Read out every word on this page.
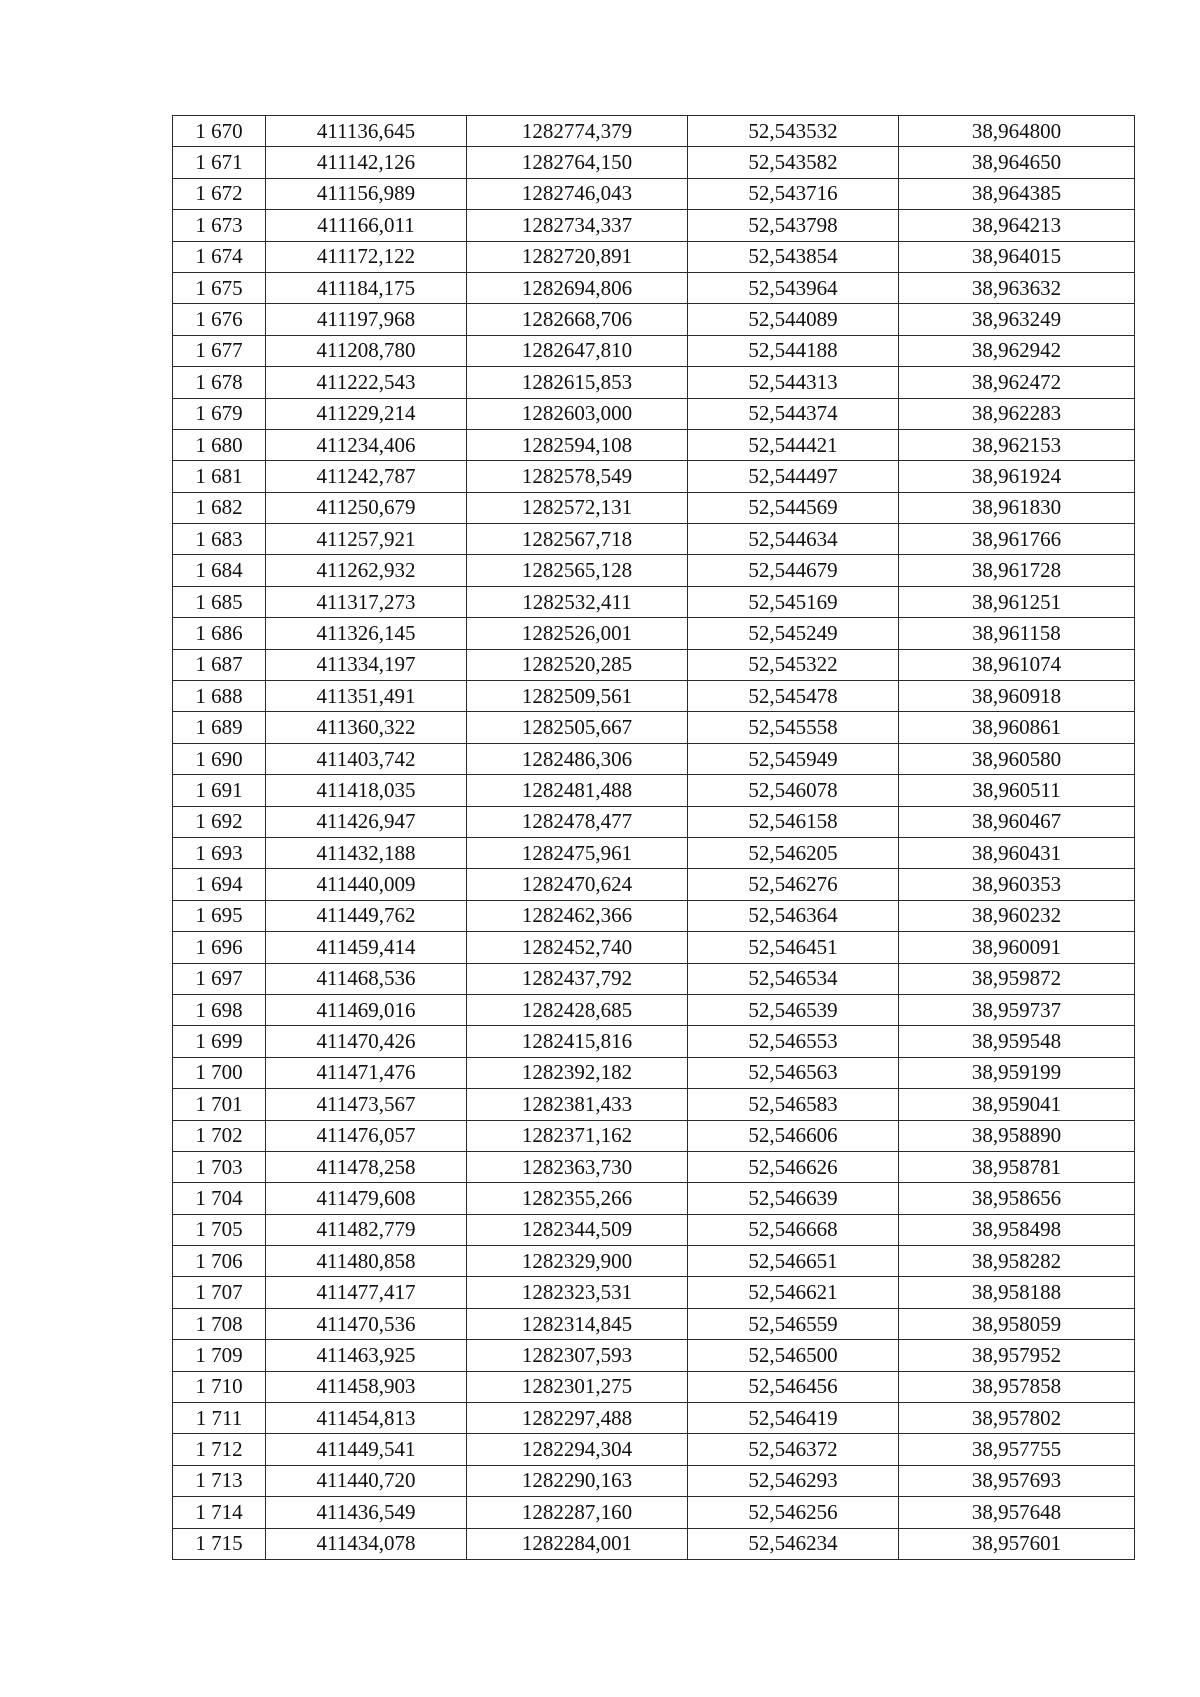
1 670	411136,645	1282774,379	52,543532	38,964800
1 671	411142,126	1282764,150	52,543582	38,964650
1 672	411156,989	1282746,043	52,543716	38,964385
1 673	411166,011	1282734,337	52,543798	38,964213
1 674	411172,122	1282720,891	52,543854	38,964015
1 675	411184,175	1282694,806	52,543964	38,963632
1 676	411197,968	1282668,706	52,544089	38,963249
1 677	411208,780	1282647,810	52,544188	38,962942
1 678	411222,543	1282615,853	52,544313	38,962472
1 679	411229,214	1282603,000	52,544374	38,962283
1 680	411234,406	1282594,108	52,544421	38,962153
1 681	411242,787	1282578,549	52,544497	38,961924
1 682	411250,679	1282572,131	52,544569	38,961830
1 683	411257,921	1282567,718	52,544634	38,961766
1 684	411262,932	1282565,128	52,544679	38,961728
1 685	411317,273	1282532,411	52,545169	38,961251
1 686	411326,145	1282526,001	52,545249	38,961158
1 687	411334,197	1282520,285	52,545322	38,961074
1 688	411351,491	1282509,561	52,545478	38,960918
1 689	411360,322	1282505,667	52,545558	38,960861
1 690	411403,742	1282486,306	52,545949	38,960580
1 691	411418,035	1282481,488	52,546078	38,960511
1 692	411426,947	1282478,477	52,546158	38,960467
1 693	411432,188	1282475,961	52,546205	38,960431
1 694	411440,009	1282470,624	52,546276	38,960353
1 695	411449,762	1282462,366	52,546364	38,960232
1 696	411459,414	1282452,740	52,546451	38,960091
1 697	411468,536	1282437,792	52,546534	38,959872
1 698	411469,016	1282428,685	52,546539	38,959737
1 699	411470,426	1282415,816	52,546553	38,959548
1 700	411471,476	1282392,182	52,546563	38,959199
1 701	411473,567	1282381,433	52,546583	38,959041
1 702	411476,057	1282371,162	52,546606	38,958890
1 703	411478,258	1282363,730	52,546626	38,958781
1 704	411479,608	1282355,266	52,546639	38,958656
1 705	411482,779	1282344,509	52,546668	38,958498
1 706	411480,858	1282329,900	52,546651	38,958282
1 707	411477,417	1282323,531	52,546621	38,958188
1 708	411470,536	1282314,845	52,546559	38,958059
1 709	411463,925	1282307,593	52,546500	38,957952
1 710	411458,903	1282301,275	52,546456	38,957858
1 711	411454,813	1282297,488	52,546419	38,957802
1 712	411449,541	1282294,304	52,546372	38,957755
1 713	411440,720	1282290,163	52,546293	38,957693
1 714	411436,549	1282287,160	52,546256	38,957648
1 715	411434,078	1282284,001	52,546234	38,957601
